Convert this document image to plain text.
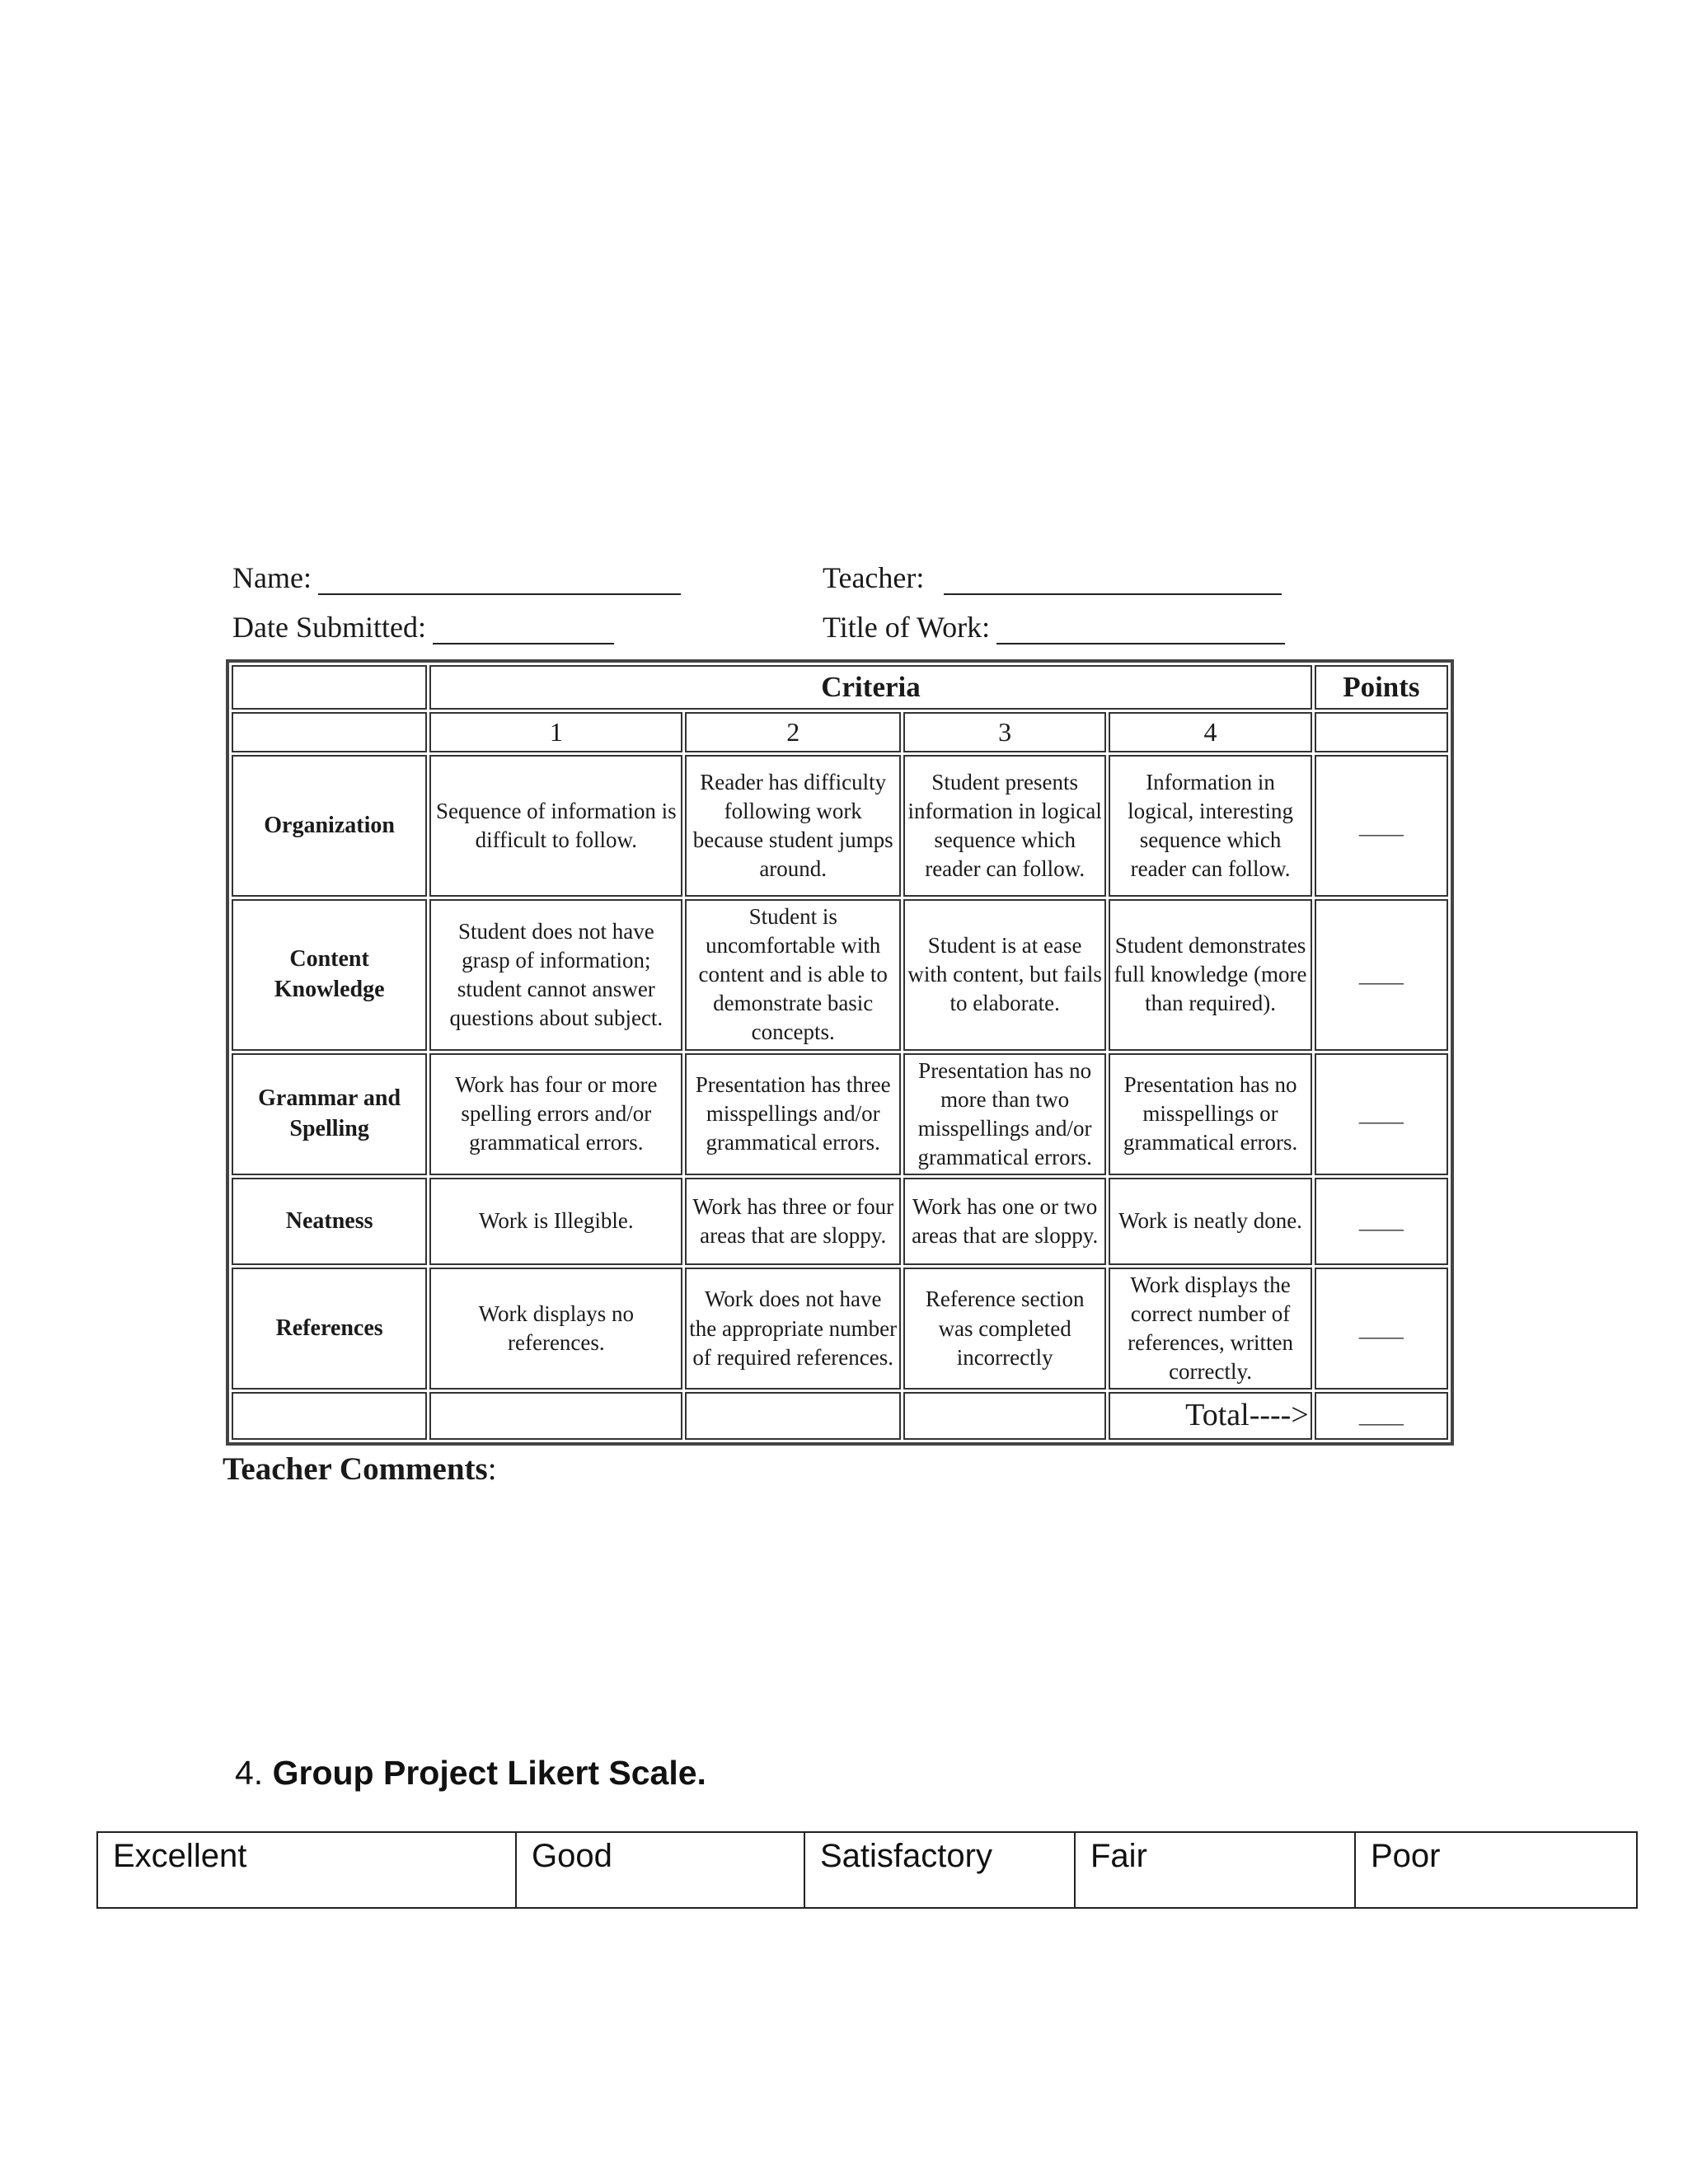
Name:
Date Submitted:
Teacher:
Title of Work:
	Criteria				Points
	1	2	3	4	
Organization	Sequence of information is difficult to follow.	Reader has difficulty following work because student jumps around.	Student presents information in logical sequence which reader can follow.	Information in logical, interesting sequence which reader can follow.	____
Content Knowledge	Student does not have grasp of information; student cannot answer questions about subject.	Student is uncomfortable with content and is able to demonstrate basic concepts.	Student is at ease with content, but fails to elaborate.	Student demonstrates full knowledge (more than required).	____
Grammar and Spelling	Work has four or more spelling errors and/or grammatical errors.	Presentation has three misspellings and/or grammatical errors.	Presentation has no more than two misspellings and/or grammatical errors.	Presentation has no misspellings or grammatical errors.	____
Neatness	Work is Illegible.	Work has three or four areas that are sloppy.	Work has one or two areas that are sloppy.	Work is neatly done.	____
References	Work displays no references.	Work does not have the appropriate number of required references.	Reference section was completed incorrectly	Work displays the correct number of references, written correctly.	____
				Total---->	____
Teacher Comments:
4. Group Project Likert Scale.
Excellent	Good	Satisfactory	Fair	Poor
